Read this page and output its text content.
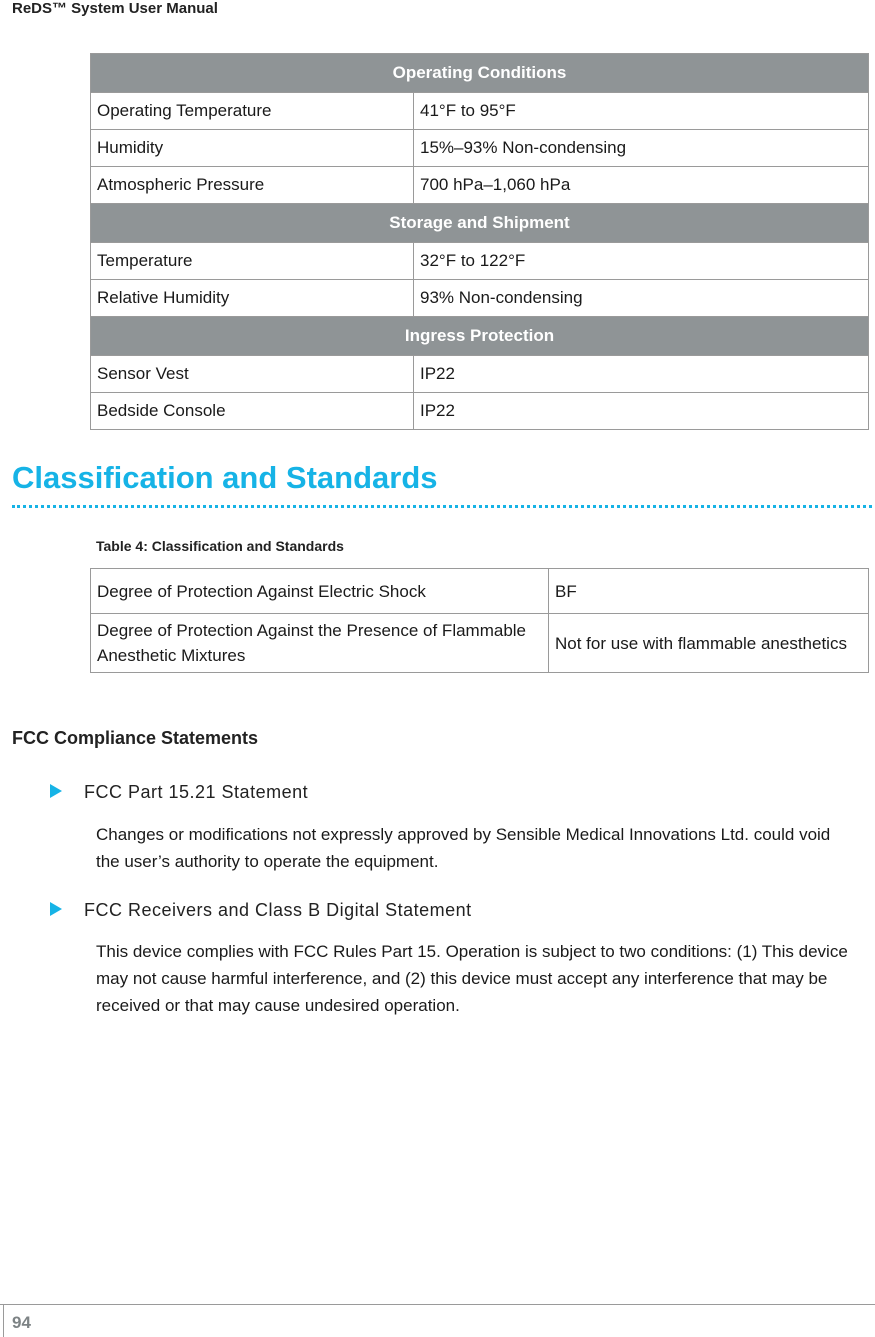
ReDS™ System User Manual
Operating Conditions	
Operating Temperature	41°F to 95°F
Humidity	15%–93% Non-condensing
Atmospheric Pressure	700 hPa–1,060 hPa
Storage and Shipment	
Temperature	32°F to 122°F
Relative Humidity	93% Non-condensing
Ingress Protection	
Sensor Vest	IP22
Bedside Console	IP22
Classification and Standards
Table 4: Classification and Standards
Degree of Protection Against Electric Shock	BF
Degree of Protection Against the Presence of Flammable Anesthetic Mixtures	Not for use with flammable anesthetics
FCC Compliance Statements
FCC Part 15.21 Statement
Changes or modifications not expressly approved by Sensible Medical Innovations Ltd. could void the user’s authority to operate the equipment.
FCC Receivers and Class B Digital Statement
This device complies with FCC Rules Part 15. Operation is subject to two conditions: (1) This device may not cause harmful interference, and (2) this device must accept any interference that may be received or that may cause undesired operation.
94
